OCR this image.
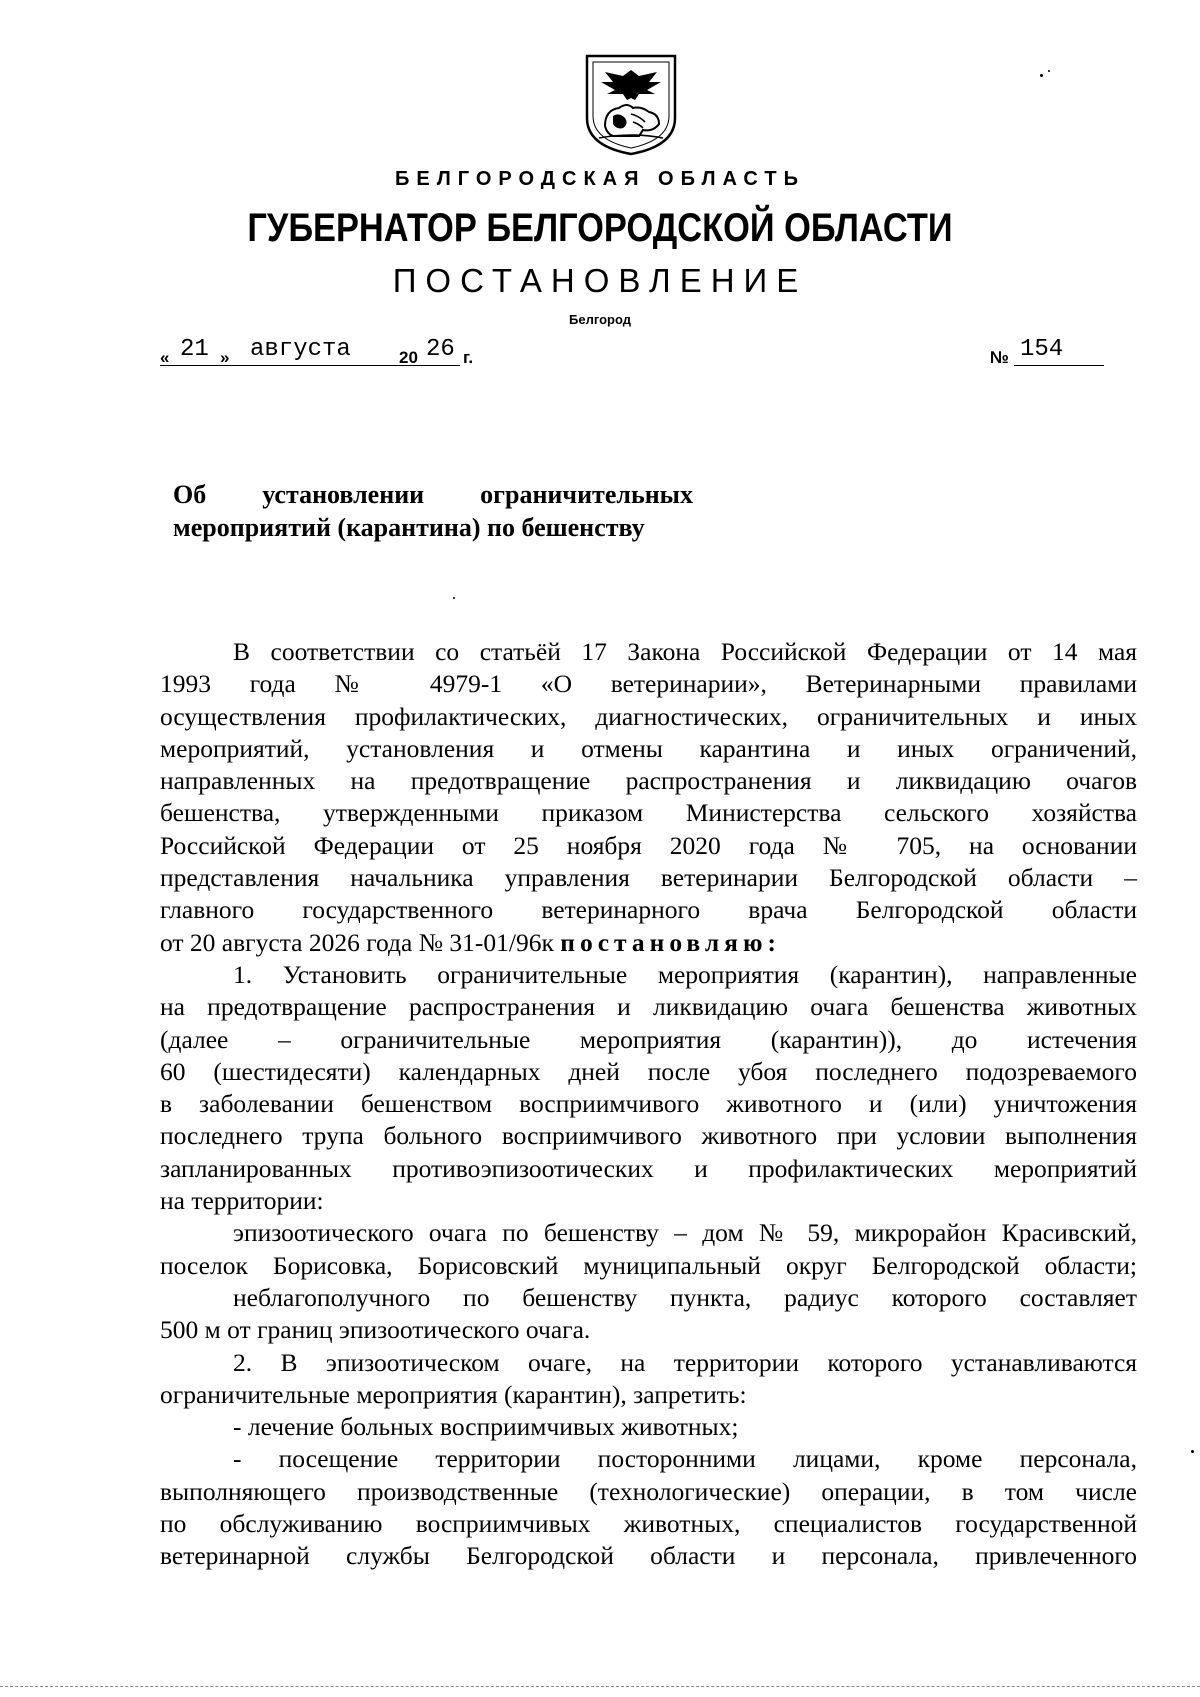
БЕЛГОРОДСКАЯ ОБЛАСТЬ
ГУБЕРНАТОР БЕЛГОРОДСКОЙ ОБЛАСТИ
ПОСТАНОВЛЕНИЕ
Белгород
« 21 » августа	20 26 г.	№ 154
Об установлении ограничительных
мероприятий (карантина) по бешенству
В соответствии со статьёй 17 Закона Российской Федерации от 14 мая
1993 года № 4979-1 «О ветеринарии», Ветеринарными правилами
осуществления профилактических, диагностических, ограничительных и иных
мероприятий, установления и отмены карантина и иных ограничений,
направленных на предотвращение распространения и ликвидацию очагов
бешенства, утвержденными приказом Министерства сельского хозяйства
Российской Федерации от 25 ноября 2020 года № 705, на основании
представления начальника управления ветеринарии Белгородской области –
главного государственного ветеринарного врача Белгородской области
от 20 августа 2026 года № 31-01/96к постановляю:
1. Установить ограничительные мероприятия (карантин), направленные
на предотвращение распространения и ликвидацию очага бешенства животных
(далее – ограничительные мероприятия (карантин)), до истечения
60 (шестидесяти) календарных дней после убоя последнего подозреваемого
в заболевании бешенством восприимчивого животного и (или) уничтожения
последнего трупа больного восприимчивого животного при условии выполнения
запланированных противоэпизоотических и профилактических мероприятий
на территории:
эпизоотического очага по бешенству – дом № 59, микрорайон Красивский,
поселок Борисовка, Борисовский муниципальный округ Белгородской области;
неблагополучного по бешенству пункта, радиус которого составляет
500 м от границ эпизоотического очага.
2. В эпизоотическом очаге, на территории которого устанавливаются
ограничительные мероприятия (карантин), запретить:
- лечение больных восприимчивых животных;
- посещение территории посторонними лицами, кроме персонала,
выполняющего производственные (технологические) операции, в том числе
по обслуживанию восприимчивых животных, специалистов государственной
ветеринарной службы Белгородской области и персонала, привлеченного
